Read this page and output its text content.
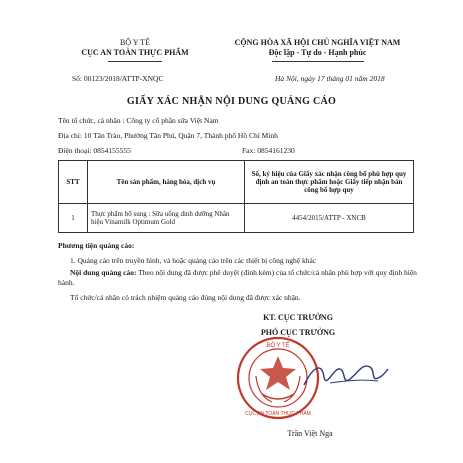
BỘ Y TẾ
CỤC AN TOÀN THỰC PHẨM
CỘNG HÒA XÃ HỘI CHỦ NGHĨA VIỆT NAM
Độc lập - Tự do - Hạnh phúc
Số: 00123/2018/ATTP-XNQC	Hà Nội, ngày 17 tháng 01 năm 2018
GIẤY XÁC NHẬN NỘI DUNG QUẢNG CÁO
Tên tổ chức, cá nhân : Công ty cổ phần sữa Việt Nam
Địa chỉ: 10 Tân Trào, Phường Tân Phú, Quận 7, Thành phố Hồ Chí Minh
Điện thoại: 0854155555	Fax: 0854161230
STT	Tên sản phẩm, hàng hóa, dịch vụ	Số, ký hiệu của Giấy xác nhận công bố phù hợp quy định an toàn thực phẩm hoặc Giấy tiếp nhận bản công bố hợp quy
1	Thực phẩm bổ sung : Sữa uống dinh dưỡng Nhãn hiệu Vinamilk Optimum Gold	4454/2015/ATTP - XNCB
Phương tiện quảng cáo:
1. Quảng cáo trên truyền hình, và hoặc quảng cáo trên các thiết bị công nghệ khác
Nội dung quảng cáo: Theo nội dung đã được phê duyệt (đính kèm) của tổ chức/cá nhân phù hợp với quy định hiện hành.
Tổ chức/cá nhân có trách nhiệm quảng cáo đúng nội dung đã được xác nhận.
KT. CỤC TRƯỞNG
PHÓ CỤC TRƯỞNG
BỘ Y TẾ
CỤC AN TOÀN THỰC PHẨM
Trần Việt Nga
